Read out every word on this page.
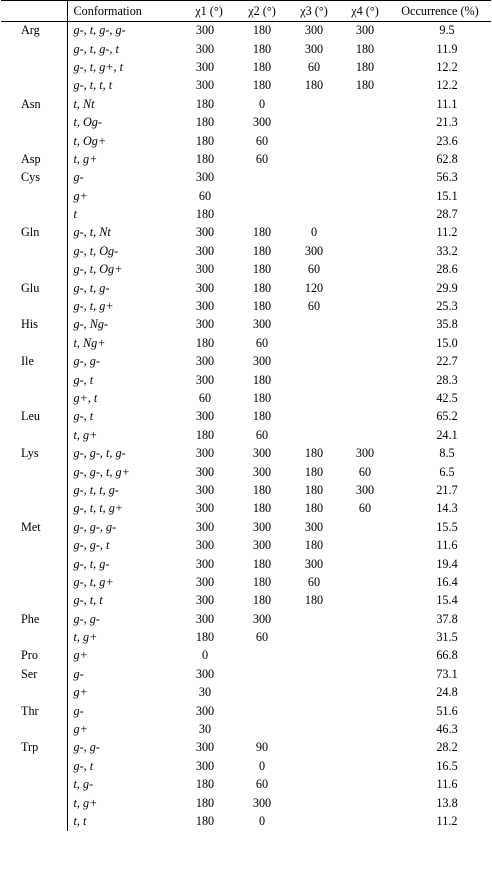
	Conformation	χ1 (°)	χ2 (°)	χ3 (°)	χ4 (°)	Occurrence (%)
Arg	g-, t, g-, g-	300	180	300	300	9.5
	g-, t, g-, t	300	180	300	180	11.9
	g-, t, g+, t	300	180	60	180	12.2
	g-, t, t, t	300	180	180	180	12.2
Asn	t, Nt	180	0			11.1
	t, Og-	180	300			21.3
	t, Og+	180	60			23.6
Asp	t, g+	180	60			62.8
Cys	g-	300				56.3
	g+	60				15.1
	t	180				28.7
Gln	g-, t, Nt	300	180	0		11.2
	g-, t, Og-	300	180	300		33.2
	g-, t, Og+	300	180	60		28.6
Glu	g-, t, g-	300	180	120		29.9
	g-, t, g+	300	180	60		25.3
His	g-, Ng-	300	300			35.8
	t, Ng+	180	60			15.0
Ile	g-, g-	300	300			22.7
	g-, t	300	180			28.3
	g+, t	60	180			42.5
Leu	g-, t	300	180			65.2
	t, g+	180	60			24.1
Lys	g-, g-, t, g-	300	300	180	300	8.5
	g-, g-, t, g+	300	300	180	60	6.5
	g-, t, t, g-	300	180	180	300	21.7
	g-, t, t, g+	300	180	180	60	14.3
Met	g-, g-, g-	300	300	300		15.5
	g-, g-, t	300	300	180		11.6
	g-, t, g-	300	180	300		19.4
	g-, t, g+	300	180	60		16.4
	g-, t, t	300	180	180		15.4
Phe	g-, g-	300	300			37.8
	t, g+	180	60			31.5
Pro	g+	0				66.8
Ser	g-	300				73.1
	g+	30				24.8
Thr	g-	300				51.6
	g+	30				46.3
Trp	g-, g-	300	90			28.2
	g-, t	300	0			16.5
	t, g-	180	60			11.6
	t, g+	180	300			13.8
	t, t	180	0			11.2
